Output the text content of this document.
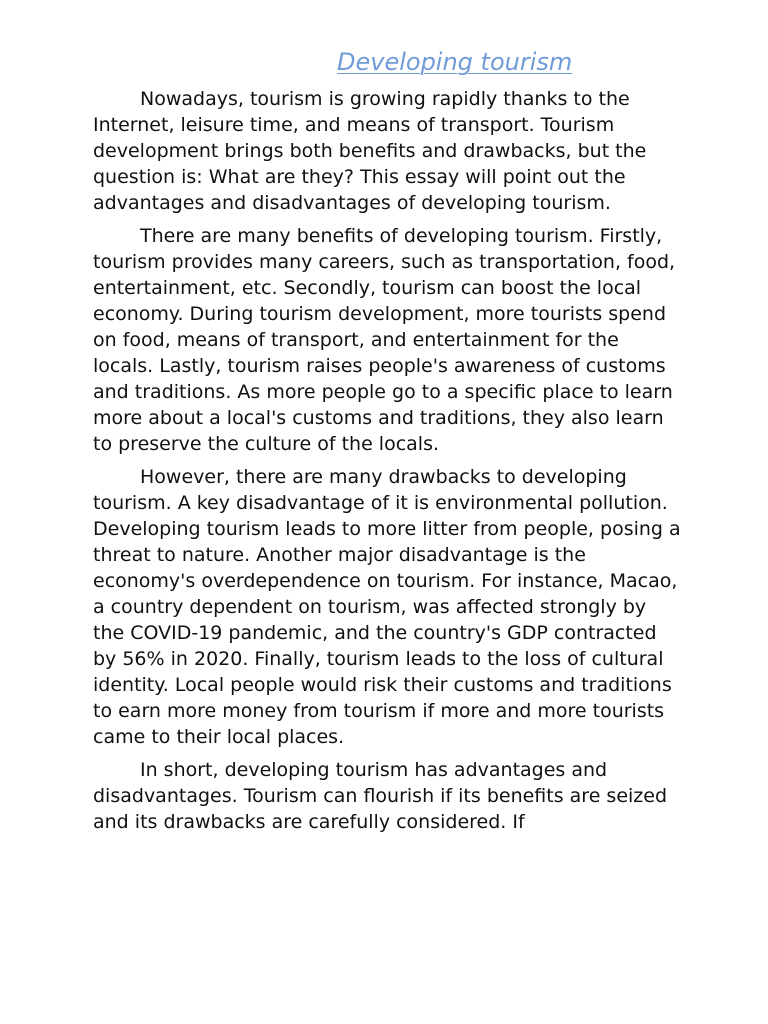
Developing tourism

Nowadays, tourism is growing rapidly thanks to the Internet, leisure time, and means of transport. Tourism development brings both benefits and drawbacks, but the question is: What are they? This essay will point out the advantages and disadvantages of developing tourism.

There are many benefits of developing tourism. Firstly, tourism provides many careers, such as transportation, food, entertainment, etc. Secondly, tourism can boost the local economy. During tourism development, more tourists spend on food, means of transport, and entertainment for the locals. Lastly, tourism raises people's awareness of customs and traditions. As more people go to a specific place to learn more about a local's customs and traditions, they also learn to preserve the culture of the locals.

However, there are many drawbacks to developing tourism. A key disadvantage of it is environmental pollution. Developing tourism leads to more litter from people, posing a threat to nature. Another major disadvantage is the economy's overdependence on tourism. For instance, Macao, a country dependent on tourism, was affected strongly by the COVID-19 pandemic, and the country's GDP contracted by 56% in 2020. Finally, tourism leads to the loss of cultural identity. Local people would risk their customs and traditions to earn more money from tourism if more and more tourists came to their local places.

In short, developing tourism has advantages and disadvantages. Tourism can flourish if its benefits are seized and its drawbacks are carefully considered. If
